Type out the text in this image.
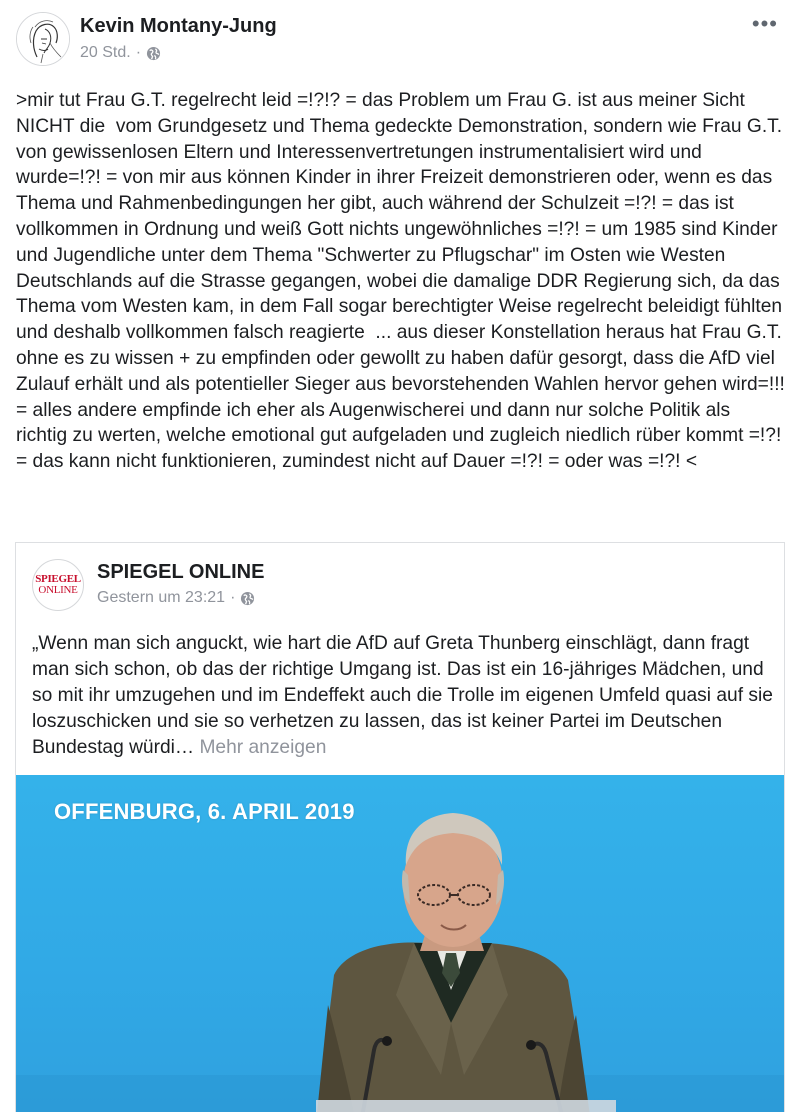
Kevin Montany-Jung
20 Std. ·
•••
>mir tut Frau G.T. regelrecht leid =!?!? = das Problem um Frau G. ist aus meiner Sicht NICHT die  vom Grundgesetz und Thema gedeckte Demonstration, sondern wie Frau G.T. von gewissenlosen Eltern und Interessenvertretungen instrumentalisiert wird und wurde=!?! = von mir aus können Kinder in ihrer Freizeit demonstrieren oder, wenn es das Thema und Rahmenbedingungen her gibt, auch während der Schulzeit =!?! = das ist vollkommen in Ordnung und weiß Gott nichts ungewöhnliches =!?! = um 1985 sind Kinder und Jugendliche unter dem Thema "Schwerter zu Pflugschar" im Osten wie Westen Deutschlands auf die Strasse gegangen, wobei die damalige DDR Regierung sich, da das Thema vom Westen kam, in dem Fall sogar berechtigter Weise regelrecht beleidigt fühlten und deshalb vollkommen falsch reagierte  ... aus dieser Konstellation heraus hat Frau G.T. ohne es zu wissen + zu empfinden oder gewollt zu haben dafür gesorgt, dass die AfD viel Zulauf erhält und als potentieller Sieger aus bevorstehenden Wahlen hervor gehen wird=!!! = alles andere empfinde ich eher als Augenwischerei und dann nur solche Politik als richtig zu werten, welche emotional gut aufgeladen und zugleich niedlich rüber kommt =!?! = das kann nicht funktionieren, zumindest nicht auf Dauer =!?! = oder was =!?! <
SPIEGEL
ONLINE
SPIEGEL ONLINE
Gestern um 23:21 ·
„Wenn man sich anguckt, wie hart die AfD auf Greta Thunberg einschlägt, dann fragt man sich schon, ob das der richtige Umgang ist. Das ist ein 16-jähriges Mädchen, und so mit ihr umzugehen und im Endeffekt auch die Trolle im eigenen Umfeld quasi auf sie loszuschicken und sie so verhetzen zu lassen, das ist keiner Partei im Deutschen Bundestag würdi… Mehr anzeigen
OFFENBURG, 6. APRIL 2019
